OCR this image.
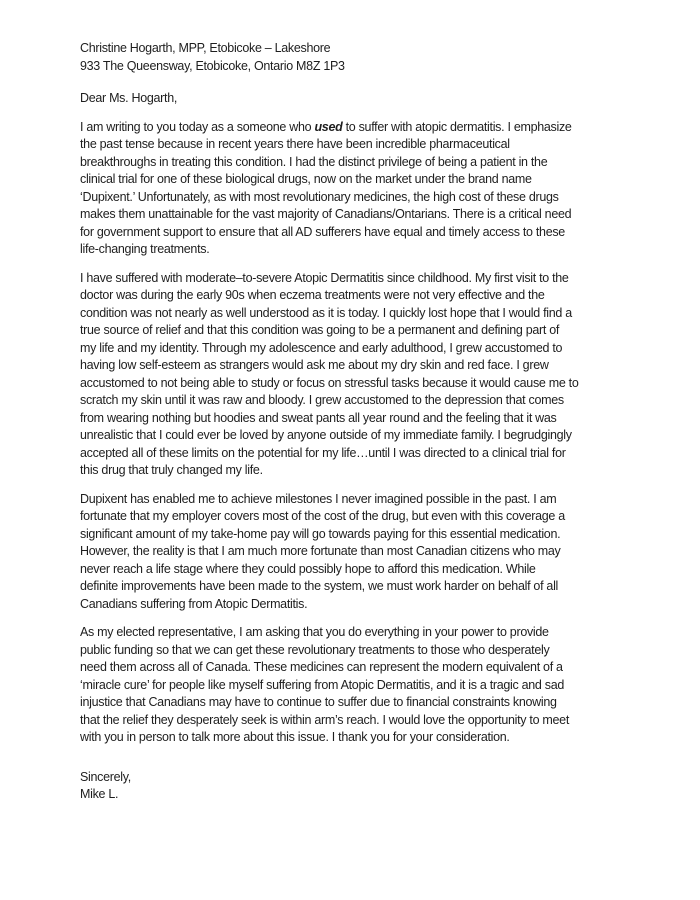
Christine Hogarth, MPP, Etobicoke – Lakeshore
933 The Queensway, Etobicoke, Ontario M8Z 1P3
Dear Ms. Hogarth,
I am writing to you today as a someone who used to suffer with atopic dermatitis. I emphasize
the past tense because in recent years there have been incredible pharmaceutical
breakthroughs in treating this condition. I had the distinct privilege of being a patient in the
clinical trial for one of these biological drugs, now on the market under the brand name
‘Dupixent.’ Unfortunately, as with most revolutionary medicines, the high cost of these drugs
makes them unattainable for the vast majority of Canadians/Ontarians. There is a critical need
for government support to ensure that all AD sufferers have equal and timely access to these
life-changing treatments.
I have suffered with moderate–to-severe Atopic Dermatitis since childhood. My first visit to the
doctor was during the early 90s when eczema treatments were not very effective and the
condition was not nearly as well understood as it is today. I quickly lost hope that I would find a
true source of relief and that this condition was going to be a permanent and defining part of
my life and my identity. Through my adolescence and early adulthood, I grew accustomed to
having low self-esteem as strangers would ask me about my dry skin and red face. I grew
accustomed to not being able to study or focus on stressful tasks because it would cause me to
scratch my skin until it was raw and bloody. I grew accustomed to the depression that comes
from wearing nothing but hoodies and sweat pants all year round and the feeling that it was
unrealistic that I could ever be loved by anyone outside of my immediate family. I begrudgingly
accepted all of these limits on the potential for my life…until I was directed to a clinical trial for
this drug that truly changed my life.
Dupixent has enabled me to achieve milestones I never imagined possible in the past. I am
fortunate that my employer covers most of the cost of the drug, but even with this coverage a
significant amount of my take-home pay will go towards paying for this essential medication.
However, the reality is that I am much more fortunate than most Canadian citizens who may
never reach a life stage where they could possibly hope to afford this medication. While
definite improvements have been made to the system, we must work harder on behalf of all
Canadians suffering from Atopic Dermatitis.
As my elected representative, I am asking that you do everything in your power to provide
public funding so that we can get these revolutionary treatments to those who desperately
need them across all of Canada. These medicines can represent the modern equivalent of a
‘miracle cure’ for people like myself suffering from Atopic Dermatitis, and it is a tragic and sad
injustice that Canadians may have to continue to suffer due to financial constraints knowing
that the relief they desperately seek is within arm’s reach. I would love the opportunity to meet
with you in person to talk more about this issue. I thank you for your consideration.
Sincerely,
Mike L.
